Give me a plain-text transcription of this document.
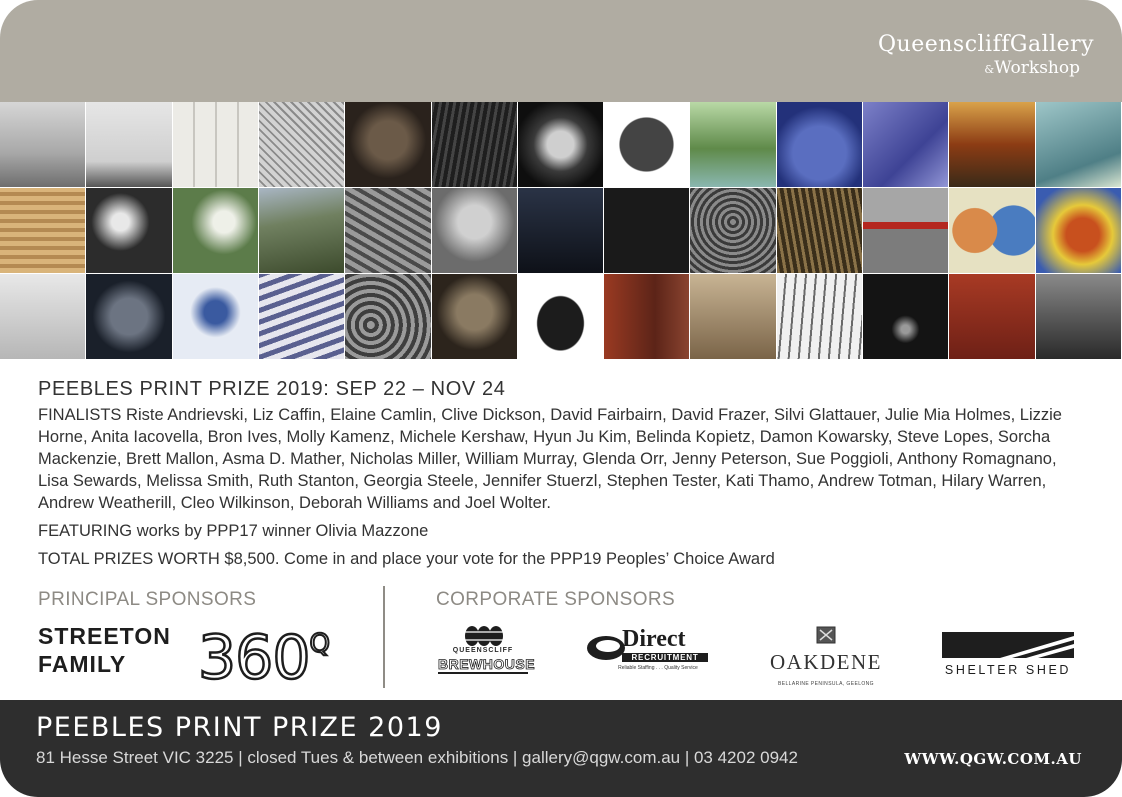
QueenscliffGallery
&Workshop
PEEBLES PRINT PRIZE 2019: SEP 22 – NOV 24
FINALISTS Riste Andrievski, Liz Caffin, Elaine Camlin, Clive Dickson, David Fairbairn, David Frazer, Silvi Glattauer, Julie Mia Holmes, Lizzie Horne, Anita Iacovella, Bron Ives, Molly Kamenz, Michele Kershaw, Hyun Ju Kim, Belinda Kopietz, Damon Kowarsky, Steve Lopes, Sorcha Mackenzie, Brett Mallon, Asma D. Mather, Nicholas Miller, William Murray, Glenda Orr, Jenny Peterson, Sue Poggioli, Anthony Romagnano, Lisa Sewards, Melissa Smith, Ruth Stanton, Georgia Steele, Jennifer Stuerzl, Stephen Tester, Kati Thamo, Andrew Totman, Hilary Warren, Andrew Weatherill, Cleo Wilkinson, Deborah Williams and Joel Wolter.
FEATURING works by PPP17 winner Olivia Mazzone
TOTAL PRIZES WORTH $8,500. Come in and place your vote for the PPP19 Peoples’ Choice Award
PRINCIPAL SPONSORS	CORPORATE SPONSORS
STREETON
FAMILY	$360^Q$	QUEENSCLIFF
BREWHOUSE
Direct
RECRUITMENT
Reliable Staffing . . . Quality Service	OAKDENE
BELLARINE PENINSULA, GEELONG
SHELTER SHED
PEEBLES PRINT PRIZE 2019
81 Hesse Street VIC 3225 | closed Tues & between exhibitions | gallery@qgw.com.au | 03 4202 0942	WWW.QGW.COM.AU
